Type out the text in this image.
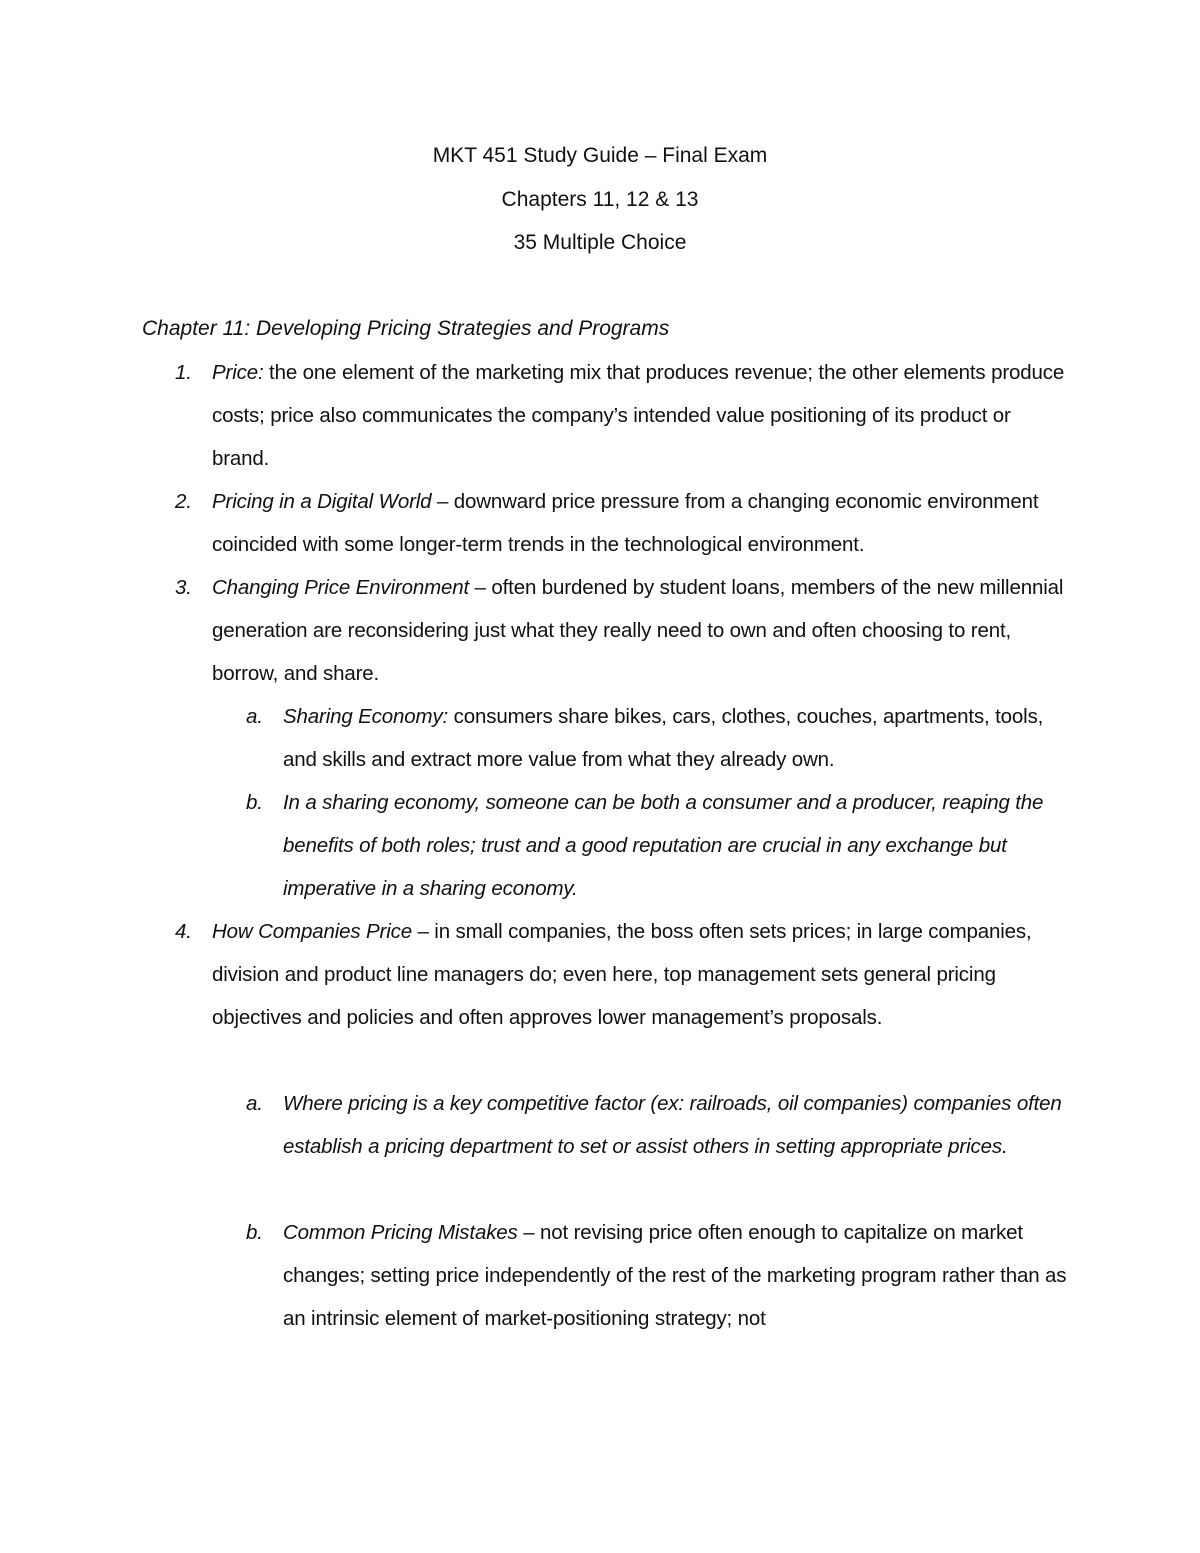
MKT 451 Study Guide – Final Exam
Chapters 11, 12 & 13
35 Multiple Choice
Chapter 11: Developing Pricing Strategies and Programs
1. Price: the one element of the marketing mix that produces revenue; the other elements produce costs; price also communicates the company’s intended value positioning of its product or brand.
2. Pricing in a Digital World – downward price pressure from a changing economic environment coincided with some longer-term trends in the technological environment.
3. Changing Price Environment – often burdened by student loans, members of the new millennial generation are reconsidering just what they really need to own and often choosing to rent, borrow, and share.
a. Sharing Economy: consumers share bikes, cars, clothes, couches, apartments, tools, and skills and extract more value from what they already own.
b. In a sharing economy, someone can be both a consumer and a producer, reaping the benefits of both roles; trust and a good reputation are crucial in any exchange but imperative in a sharing economy.
4. How Companies Price – in small companies, the boss often sets prices; in large companies, division and product line managers do; even here, top management sets general pricing objectives and policies and often approves lower management’s proposals.
a. Where pricing is a key competitive factor (ex: railroads, oil companies) companies often establish a pricing department to set or assist others in setting appropriate prices.
b. Common Pricing Mistakes – not revising price often enough to capitalize on market changes; setting price independently of the rest of the marketing program rather than as an intrinsic element of market-positioning strategy; not
